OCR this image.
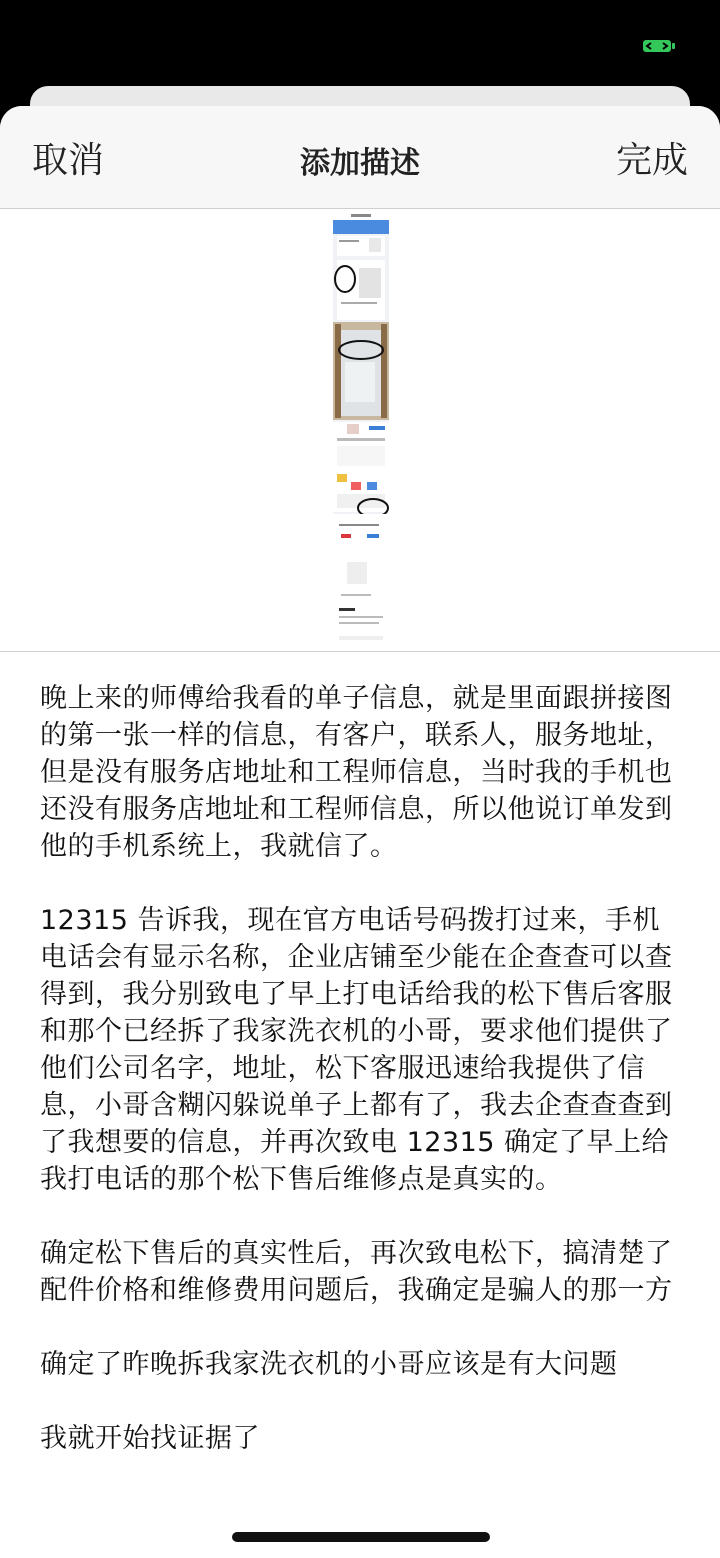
取消	添加描述	完成

晚上来的师傅给我看的单子信息，就是里面跟拼接图的第一张一样的信息，有客户，联系人，服务地址，但是没有服务店地址和工程师信息，当时我的手机也还没有服务店地址和工程师信息，所以他说订单发到他的手机系统上，我就信了。

12315 告诉我，现在官方电话号码拨打过来，手机电话会有显示名称，企业店铺至少能在企查查可以查得到，我分别致电了早上打电话给我的松下售后客服和那个已经拆了我家洗衣机的小哥，要求他们提供了他们公司名字，地址，松下客服迅速给我提供了信息，小哥含糊闪躲说单子上都有了，我去企查查查到了我想要的信息，并再次致电 12315 确定了早上给我打电话的那个松下售后维修点是真实的。

确定松下售后的真实性后，再次致电松下，搞清楚了配件价格和维修费用问题后，我确定是骗人的那一方

确定了昨晚拆我家洗衣机的小哥应该是有大问题

我就开始找证据了
